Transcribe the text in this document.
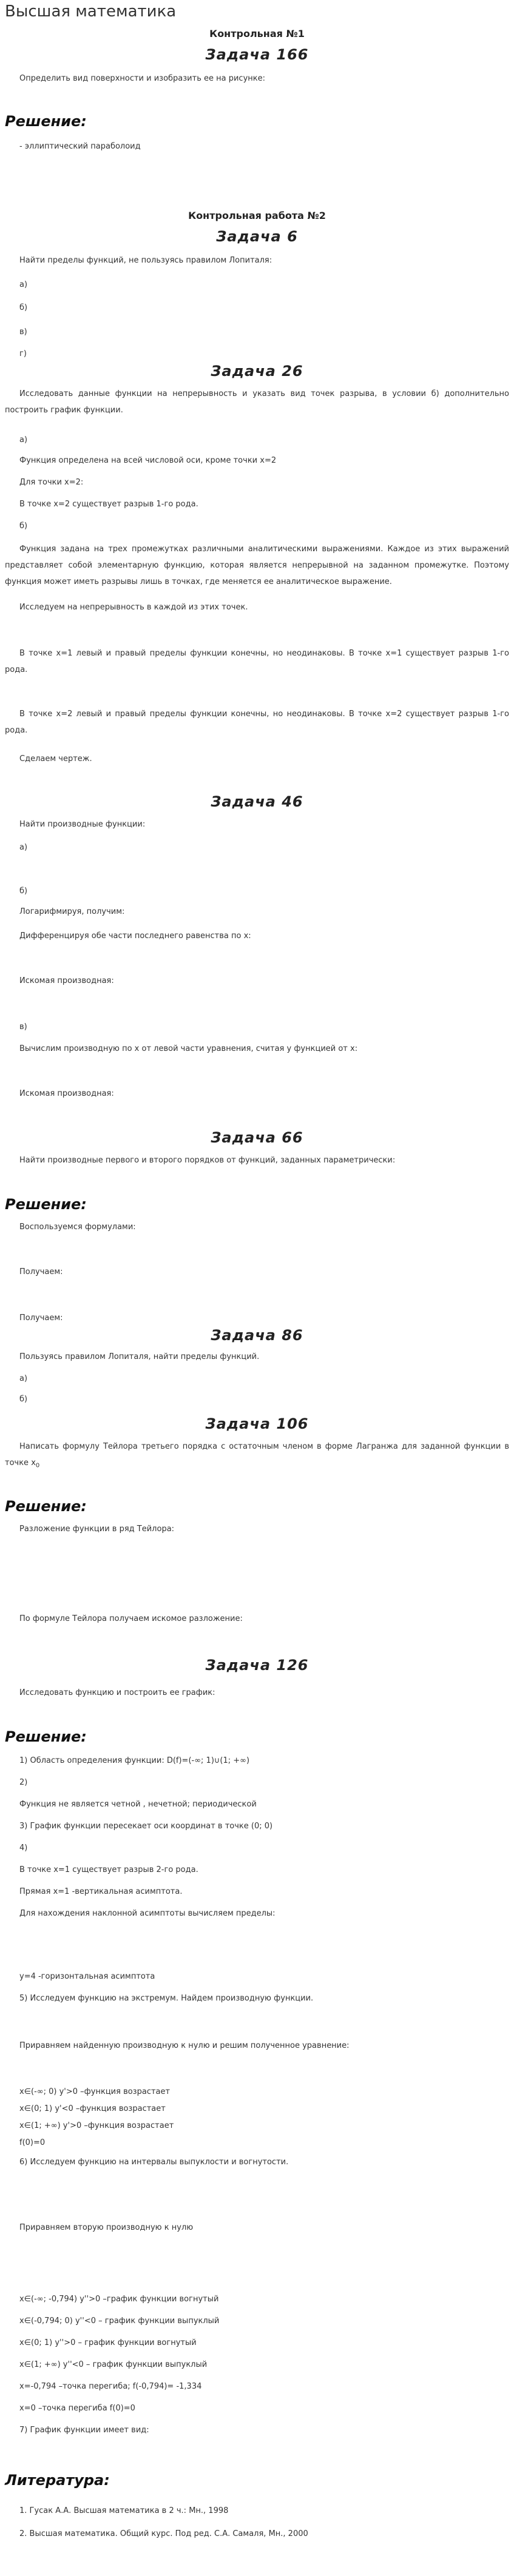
Высшая математика
Контрольная №1
Задача 166
Определить вид поверхности и изобразить ее на рисунке:
Решение:
- эллиптический параболоид
Контрольная работа №2
Задача 6
Найти пределы функций, не пользуясь правилом Лопиталя:
а)
б)
в)
г)
Задача 26
Исследовать данные функции на непрерывность и указать вид точек разрыва, в условии б) дополнительно построить график функции.
а)
Функция определена на всей числовой оси, кроме точки х=2
Для точки х=2:
В точке х=2 существует разрыв 1-го рода.
б)
Функция задана на трех промежутках различными аналитическими выражениями. Каждое из этих выражений представляет собой элементарную функцию, которая является непрерывной на заданном промежутке. Поэтому функция может иметь разрывы лишь в точках, где меняется ее аналитическое выражение.
Исследуем на непрерывность в каждой из этих точек.
В точке х=1 левый и правый пределы функции конечны, но неодинаковы. В точке х=1 существует разрыв 1-го рода.
В точке х=2 левый и правый пределы функции конечны, но неодинаковы. В точке х=2 существует разрыв 1-го рода.
Сделаем чертеж.
Задача 46
Найти производные функции:
а)
б)
Логарифмируя, получим:
Дифференцируя обе части последнего равенства по х:
Искомая производная:
в)
Вычислим производную по х от левой части уравнения, считая у функцией от х:
Искомая производная:
Задача 66
Найти производные первого и второго порядков от функций, заданных параметрически:
Решение:
Воспользуемся формулами:
Получаем:
Получаем:
Задача 86
Пользуясь правилом Лопиталя, найти пределы функций.
а)
б)
Задача 106
Написать формулу Тейлора третьего порядка с остаточным членом в форме Лагранжа для заданной функции в точке $x_0$
Решение:
Разложение функции в ряд Тейлора:
По формуле Тейлора получаем искомое разложение:
Задача 126
Исследовать функцию и построить ее график:
Решение:
1) Область определения функции: D(f)=(-∞; 1)∪(1; +∞)
2)
Функция не является четной , нечетной; периодической
3) График функции пересекает оси координат в точке (0; 0)
4)
В точке х=1 существует разрыв 2-го рода.
Прямая х=1 -вертикальная асимптота.
Для нахождения наклонной асимптоты вычисляем пределы:
y=4 -горизонтальная асимптота
5) Исследуем функцию на экстремум. Найдем производную функции.
Приравняем найденную производную к нулю и решим полученное уравнение:
x∈(-∞; 0) y'>0 –функция возрастает
x∈(0; 1) y'<0 –функция возрастает
x∈(1; +∞) y'>0 –функция возрастает
f(0)=0
6) Исследуем функцию на интервалы выпуклости и вогнутости.
Приравняем вторую производную к нулю
x∈(-∞; -0,794) y''>0 –график функции вогнутый
x∈(-0,794; 0) y''<0 – график функции выпуклый
x∈(0; 1) y''>0 – график функции вогнутый
x∈(1; +∞) y''<0 – график функции выпуклый
x=-0,794 –точка перегиба; f(-0,794)= -1,334
x=0 –точка перегиба f(0)=0
7) График функции имеет вид:
Литература:
1. Гусак А.А. Высшая математика в 2 ч.: Мн., 1998
2. Высшая математика. Общий курс. Под ред. С.А. Самаля, Мн., 2000
